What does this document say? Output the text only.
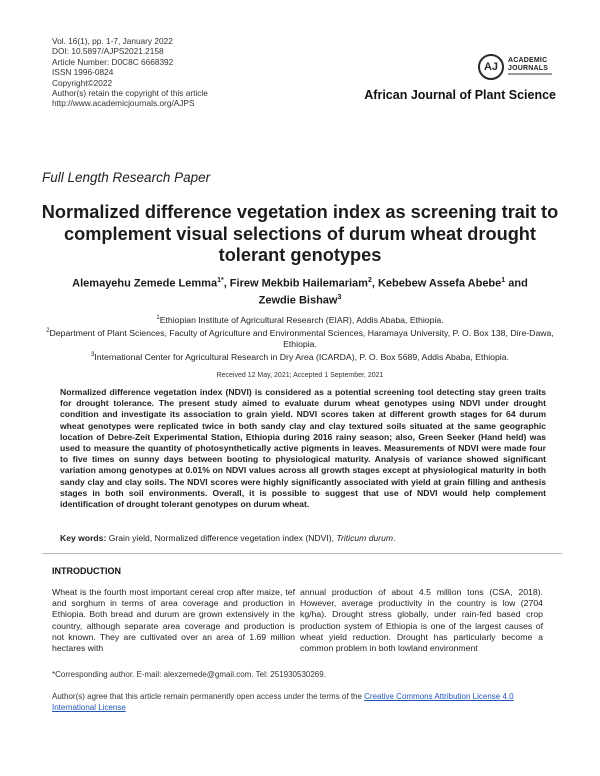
Vol. 16(1), pp. 1-7, January 2022
DOI: 10.5897/AJPS2021.2158
Article Number: D0C8C 6668392
ISSN 1996-0824
Copyright©2022
Author(s) retain the copyright of this article
http://www.academicjournals.org/AJPS
AJ
ACADEMIC
JOURNALS
African Journal of Plant Science
Full Length Research Paper
Normalized difference vegetation index as screening trait to complement visual selections of durum wheat drought tolerant genotypes
Alemayehu Zemede Lemma$^{1*}$, Firew Mekbib Hailemariam$^2$, Kebebew Assefa Abebe$^1$ and Zewdie Bishaw$^3$
$^1$Ethiopian Institute of Agricultural Research (EIAR), Addis Ababa, Ethiopia.
$^2$Department of Plant Sciences, Faculty of Agriculture and Environmental Sciences, Haramaya University, P. O. Box 138, Dire-Dawa, Ethiopia.
$^3$International Center for Agricultural Research in Dry Area (ICARDA), P. O. Box 5689, Addis Ababa, Ethiopia.
Received 12 May, 2021; Accepted 1 September, 2021
Normalized difference vegetation index (NDVI) is considered as a potential screening tool detecting stay green traits for drought tolerance. The present study aimed to evaluate durum wheat genotypes using NDVI under drought condition and investigate its association to grain yield. NDVI scores taken at different growth stages for 64 durum wheat genotypes were replicated twice in both sandy clay and clay textured soils situated at the same geographic location of Debre-Zeit Experimental Station, Ethiopia during 2016 rainy season; also, Green Seeker (Hand held) was used to measure the quantity of photosynthetically active pigments in leaves. Measurements of NDVI were made four to five times on sunny days between booting to physiological maturity. Analysis of variance showed significant variation among genotypes at 0.01% on NDVI values across all growth stages except at physiological maturity in both sandy clay and clay soils. The NDVI scores were highly significantly associated with yield at grain filling and anthesis stages in both soil environments. Overall, it is possible to suggest that use of NDVI would help complement identification of drought tolerant genotypes on durum wheat.
Key words: Grain yield, Normalized difference vegetation index (NDVI), Triticum durum.
INTRODUCTION
Wheat is the fourth most important cereal crop after maize, tef and sorghum in terms of area coverage and production in Ethiopia. Both bread and durum are grown extensively in the country, although separate area coverage and production is not known. They are cultivated over an area of 1.69 million hectares with
annual production of about 4.5 million tons (CSA, 2018). However, average productivity in the country is low (2704 kg/ha). Drought stress globally, under rain-fed based crop production system of Ethiopia is one of the largest causes of wheat yield reduction. Drought has particularly become a common problem in both lowland environment
*Corresponding author. E-mail: alexzemede@gmail.com. Tel: 251930530269.
Author(s) agree that this article remain permanently open access under the terms of the Creative Commons Attribution License 4.0 International License
